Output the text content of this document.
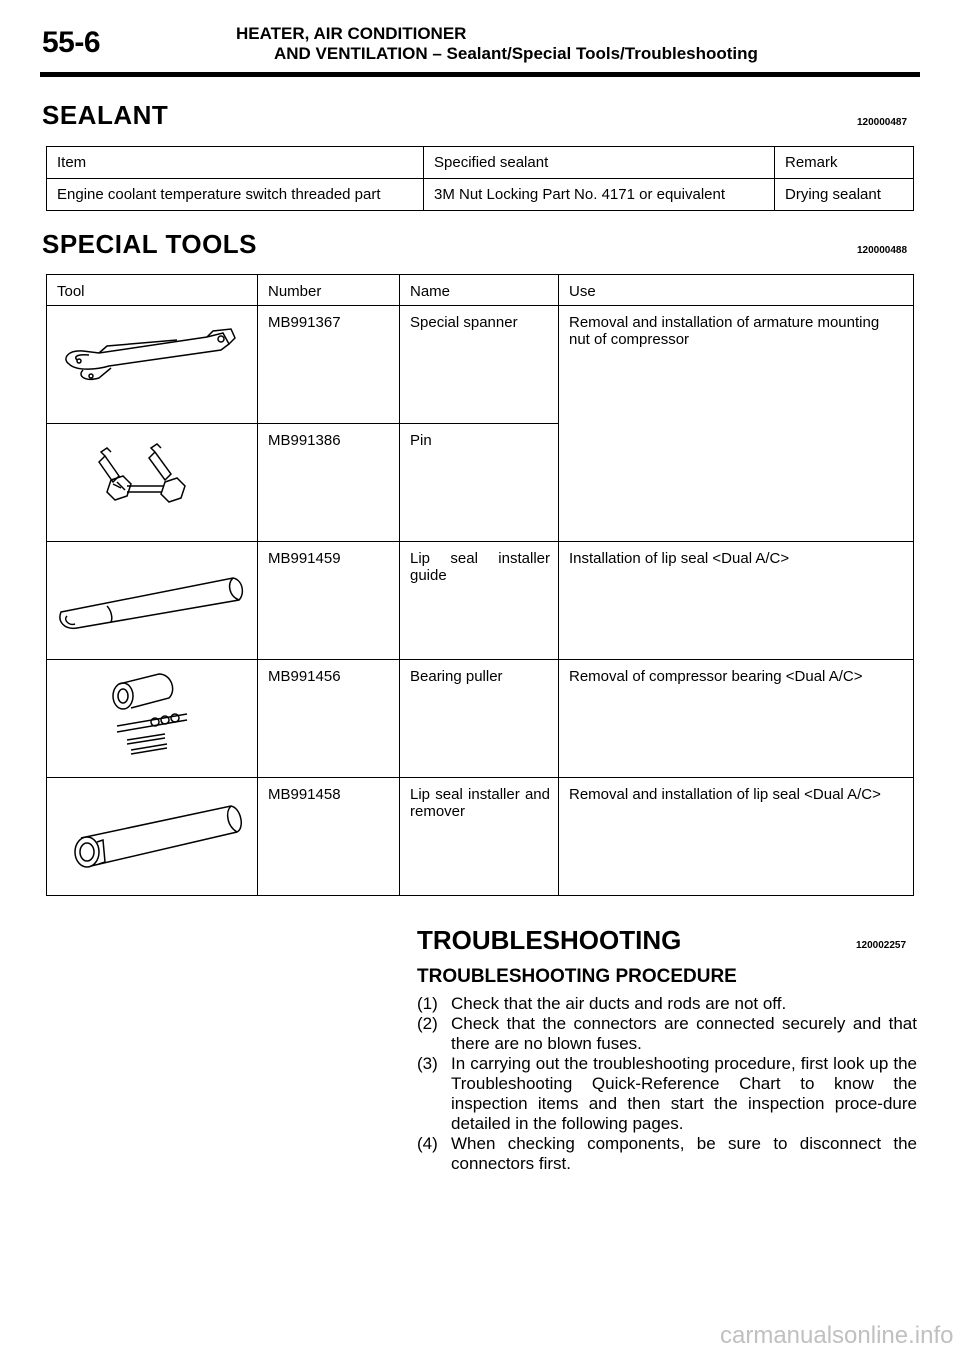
55-6	HEATER, AIR CONDITIONER
AND VENTILATION – Sealant/Special Tools/Troubleshooting
SEALANT	120000487
Item	Specified sealant	Remark
Engine coolant temperature switch threaded part	3M Nut Locking Part No. 4171 or equivalent	Drying sealant
SPECIAL TOOLS	120000488
Tool	Number	Name	Use

	MB991367	Special spanner	Removal and installation of armature mounting nut of compressor

	MB991386	Pin	

	MB991459	Lip seal installer guide	Installation of lip seal <Dual A/C>

	MB991456	Bearing puller	Removal of compressor bearing <Dual A/C>

	MB991458	Lip seal installer and remover	Removal and installation of lip seal <Dual A/C>
TROUBLESHOOTING	120002257
TROUBLESHOOTING PROCEDURE
(1) Check that the air ducts and rods are not off.
(2) Check that the connectors are connected securely and that there are no blown fuses.
(3) In carrying out the troubleshooting procedure, first look up the Troubleshooting Quick-Reference Chart to know the inspection items and then start the inspection proce-dure detailed in the following pages.
(4) When checking components, be sure to disconnect the connectors first.
carmanualsonline.info
